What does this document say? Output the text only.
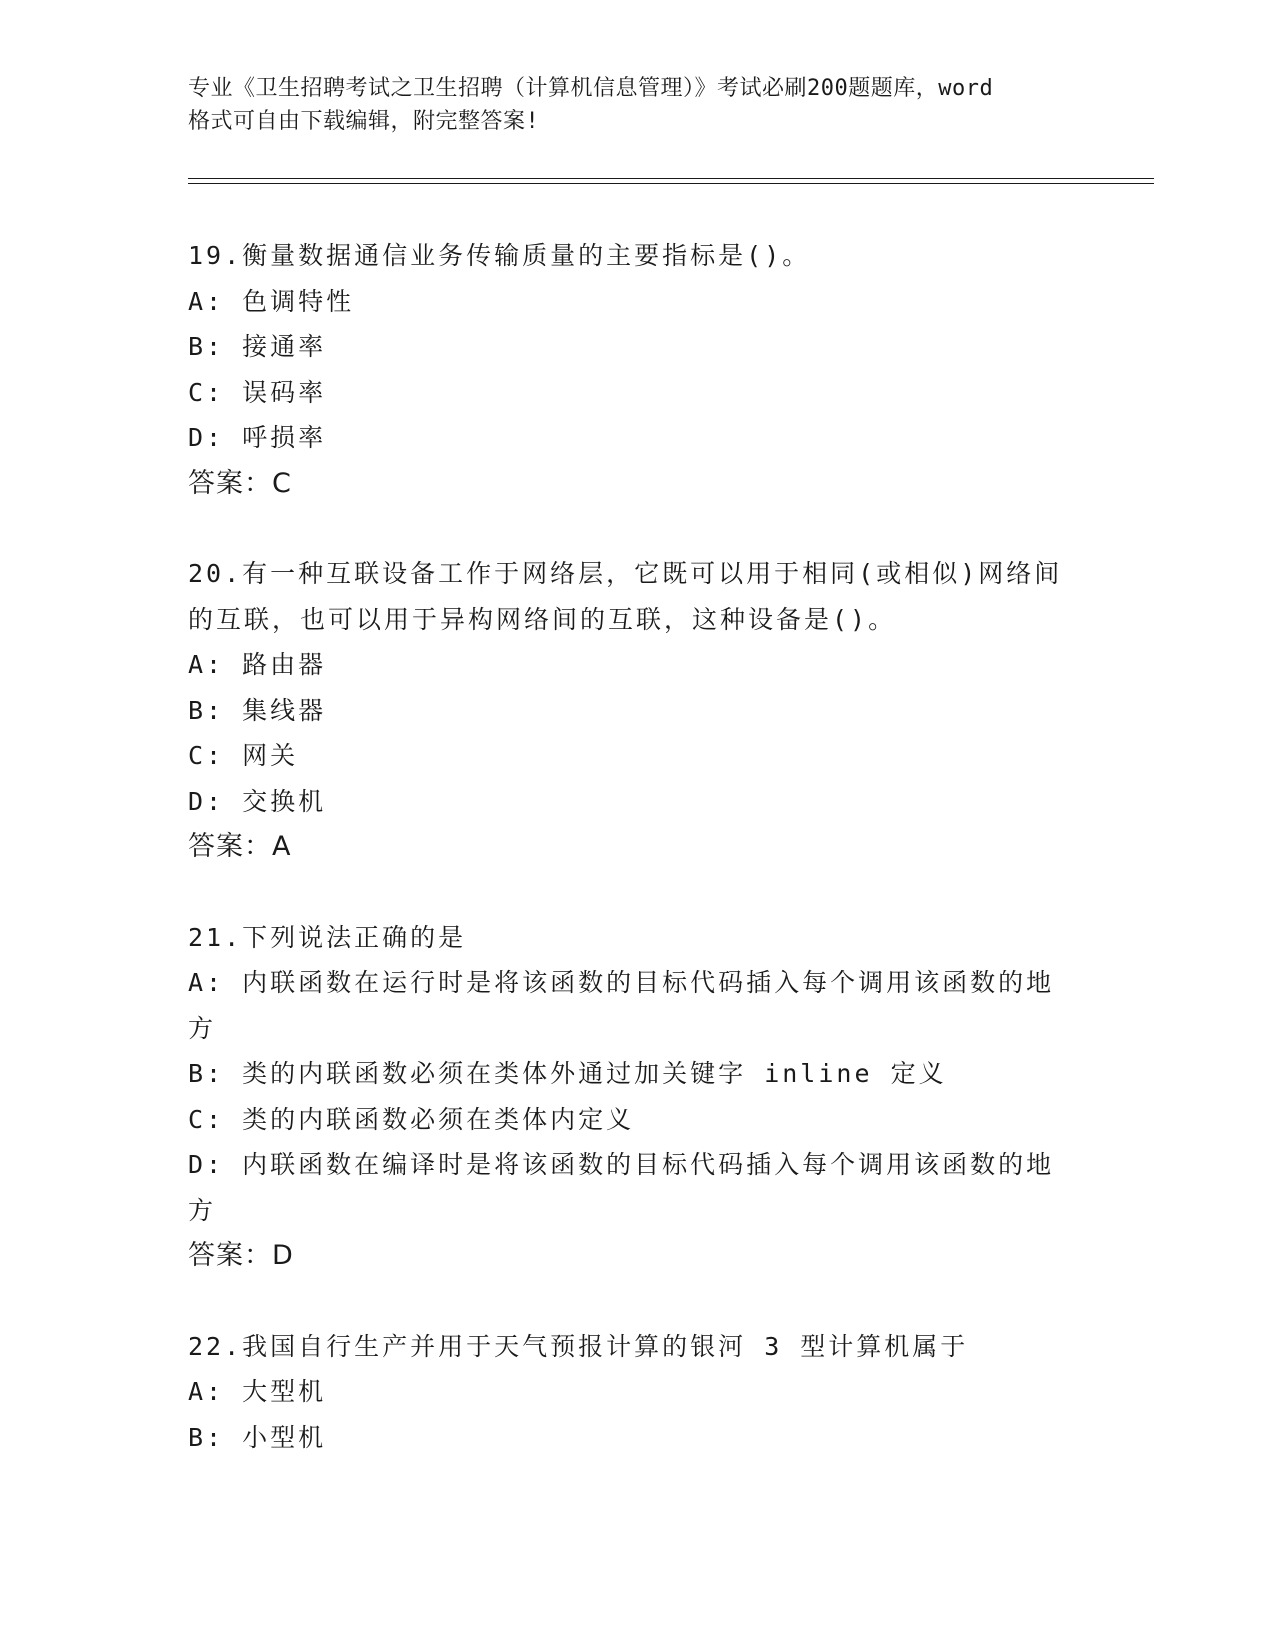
专业《卫生招聘考试之卫生招聘（计算机信息管理）》考试必刷200题题库，word
格式可自由下载编辑，附完整答案!
19.衡量数据通信业务传输质量的主要指标是()。
A: 色调特性
B: 接通率
C: 误码率
D: 呼损率
答案：C
20.有一种互联设备工作于网络层，它既可以用于相同(或相似)网络间
的互联，也可以用于异构网络间的互联，这种设备是()。
A: 路由器
B: 集线器
C: 网关
D: 交换机
答案：A
21.下列说法正确的是
A: 内联函数在运行时是将该函数的目标代码插入每个调用该函数的地
方
B: 类的内联函数必须在类体外通过加关键字 inline 定义
C: 类的内联函数必须在类体内定义
D: 内联函数在编译时是将该函数的目标代码插入每个调用该函数的地
方
答案：D
22.我国自行生产并用于天气预报计算的银河 3 型计算机属于
A: 大型机
B: 小型机
